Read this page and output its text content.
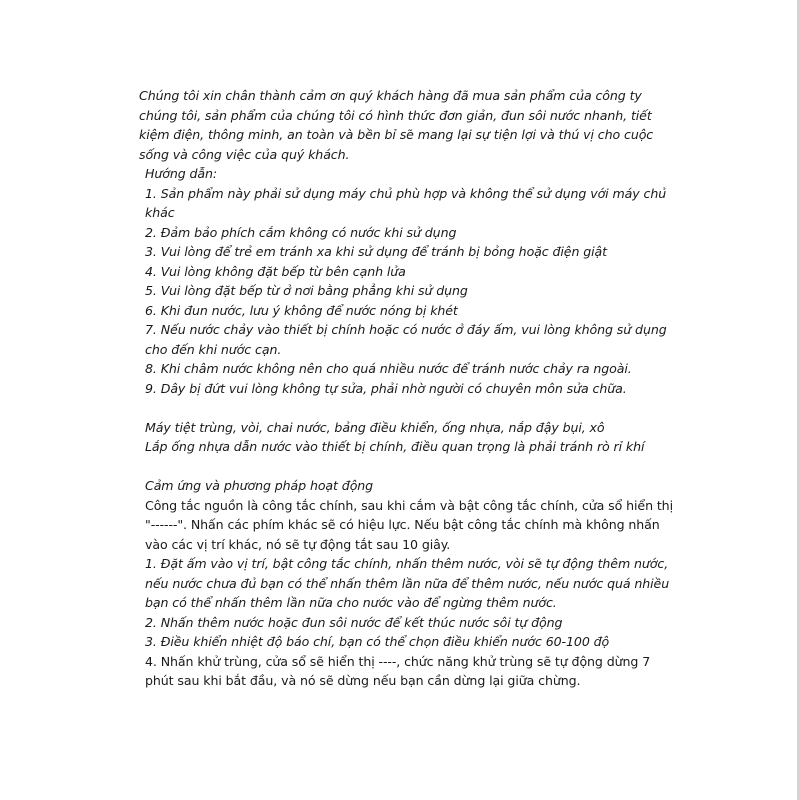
Chúng tôi xin chân thành cảm ơn quý khách hàng đã mua sản phẩm của công ty chúng tôi, sản phẩm của chúng tôi có hình thức đơn giản, đun sôi nước nhanh, tiết kiệm điện, thông minh, an toàn và bền bỉ sẽ mang lại sự tiện lợi và thú vị cho cuộc sống và công việc của quý khách.

Hướng dẫn:

1. Sản phẩm này phải sử dụng máy chủ phù hợp và không thể sử dụng với máy chủ khác

2. Đảm bảo phích cắm không có nước khi sử dụng

3. Vui lòng để trẻ em tránh xa khi sử dụng để tránh bị bỏng hoặc điện giật

4. Vui lòng không đặt bếp từ bên cạnh lửa

5. Vui lòng đặt bếp từ ở nơi bằng phẳng khi sử dụng

6. Khi đun nước, lưu ý không để nước nóng bị khét

7. Nếu nước chảy vào thiết bị chính hoặc có nước ở đáy ấm, vui lòng không sử dụng cho đến khi nước cạn.

8. Khi châm nước không nên cho quá nhiều nước để tránh nước chảy ra ngoài.

9. Dây bị đứt vui lòng không tự sửa, phải nhờ người có chuyên môn sửa chữa.

Máy tiệt trùng, vòi, chai nước, bảng điều khiển, ống nhựa, nắp đậy bụi, xô

Lắp ống nhựa dẫn nước vào thiết bị chính, điều quan trọng là phải tránh rò rỉ khí

Cảm ứng và phương pháp hoạt động

Công tắc nguồn là công tắc chính, sau khi cắm và bật công tắc chính, cửa sổ hiển thị "------". Nhấn các phím khác sẽ có hiệu lực. Nếu bật công tắc chính mà không nhấn vào các vị trí khác, nó sẽ tự động tắt sau 10 giây.

1. Đặt ấm vào vị trí, bật công tắc chính, nhấn thêm nước, vòi sẽ tự động thêm nước, nếu nước chưa đủ bạn có thể nhấn thêm lần nữa để thêm nước, nếu nước quá nhiều bạn có thể nhấn thêm lần nữa cho nước vào để ngừng thêm nước.

2. Nhấn thêm nước hoặc đun sôi nước để kết thúc nước sôi tự động

3. Điều khiển nhiệt độ báo chí, bạn có thể chọn điều khiển nước 60-100 độ

4. Nhấn khử trùng, cửa sổ sẽ hiển thị ----, chức năng khử trùng sẽ tự động dừng 7 phút sau khi bắt đầu, và nó sẽ dừng nếu bạn cần dừng lại giữa chừng.
